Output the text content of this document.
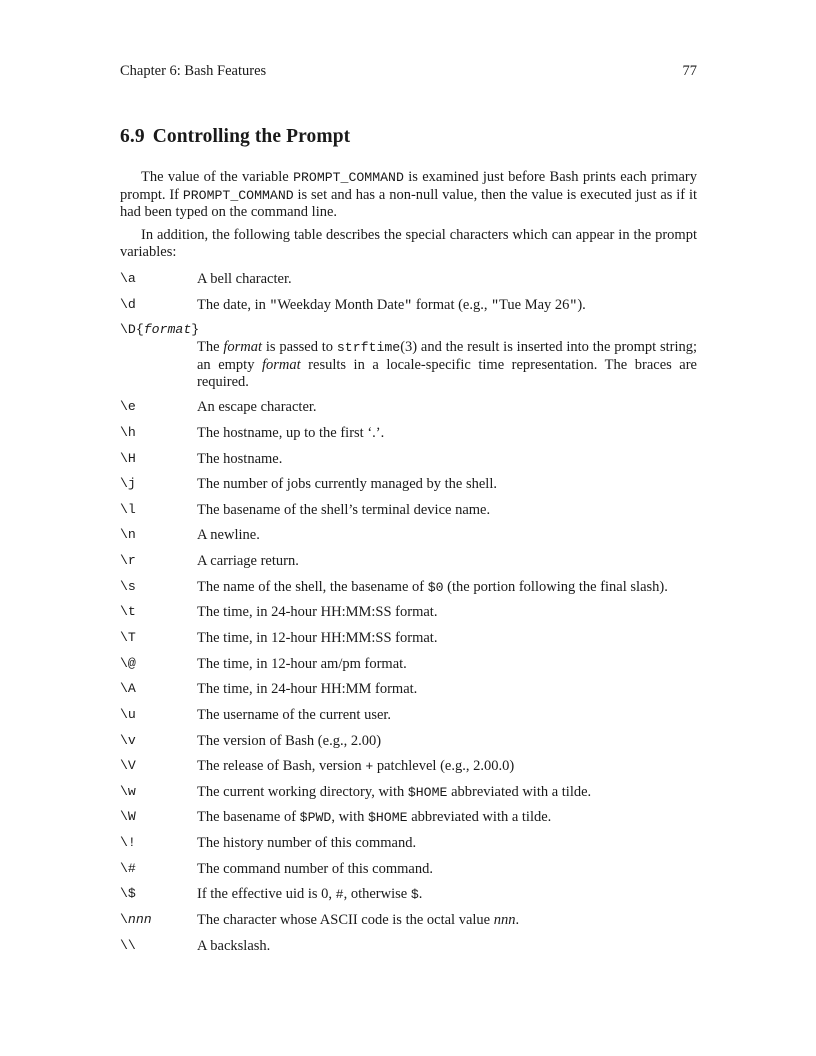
Chapter 6: Bash Features	77
6.9 Controlling the Prompt

The value of the variable PROMPT_COMMAND is examined just before Bash prints each primary prompt. If PROMPT_COMMAND is set and has a non-null value, then the value is executed just as if it had been typed on the command line.

In addition, the following table describes the special characters which can appear in the prompt variables:

\a	A bell character.
\d	The date, in "Weekday Month Date" format (e.g., "Tue May 26").
\D{format}
The format is passed to strftime(3) and the result is inserted into the prompt string; an empty format results in a locale-specific time representation. The braces are required.
\e	An escape character.
\h	The hostname, up to the first ‘.’.
\H	The hostname.
\j	The number of jobs currently managed by the shell.
\l	The basename of the shell’s terminal device name.
\n	A newline.
\r	A carriage return.
\s	The name of the shell, the basename of $0 (the portion following the final slash).
\t	The time, in 24-hour HH:MM:SS format.
\T	The time, in 12-hour HH:MM:SS format.
\@	The time, in 12-hour am/pm format.
\A	The time, in 24-hour HH:MM format.
\u	The username of the current user.
\v	The version of Bash (e.g., 2.00)
\V	The release of Bash, version + patchlevel (e.g., 2.00.0)
\w	The current working directory, with $HOME abbreviated with a tilde.
\W	The basename of $PWD, with $HOME abbreviated with a tilde.
\!	The history number of this command.
\#	The command number of this command.
\$	If the effective uid is 0, #, otherwise $.
\nnn	The character whose ASCII code is the octal value nnn.
\\	A backslash.
